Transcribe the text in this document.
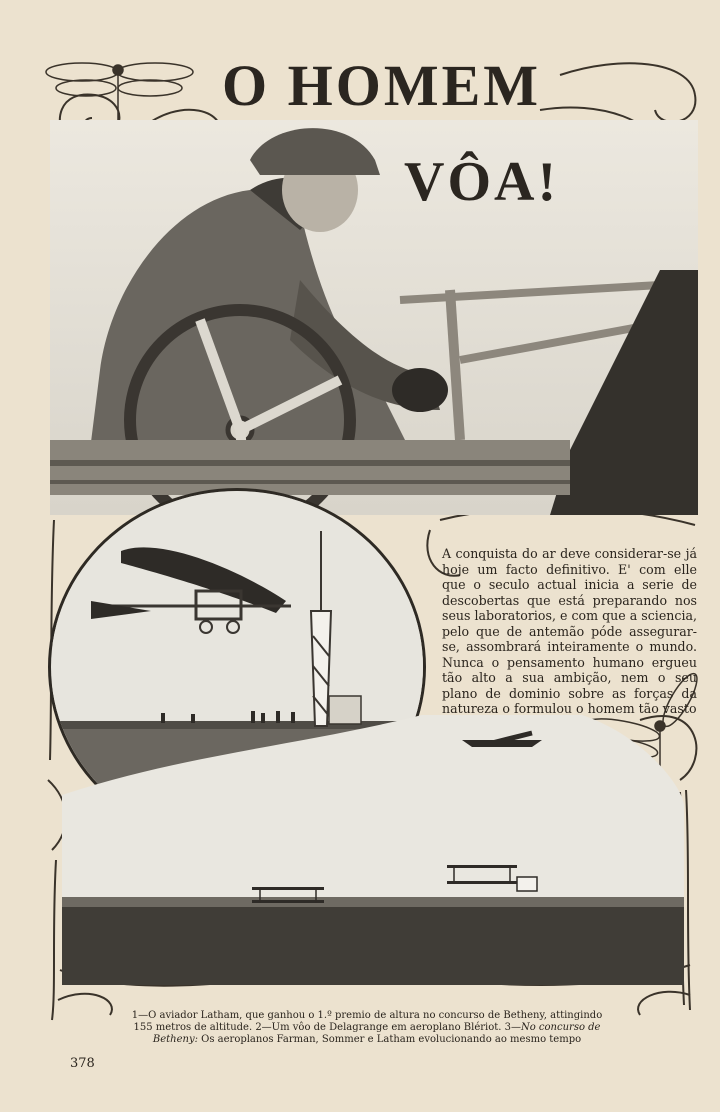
O HOMEM
VÔA!

A conquista do ar deve considerar-se já hoje um facto definitivo. E' com elle que o seculo actual inicia a serie de descobertas que está preparando nos seus laboratorios, e com que a sciencia, pelo que de antemão póde assegurar-se, assombrará inteiramente o mundo. Nunca o pensamento humano ergueu tão alto a sua ambição, nem o seu plano de dominio sobre as forças da natureza o formulou o homem tão vasto

1—O aviador Latham, que ganhou o 1.º premio de altura no concurso de Betheny, attingindo 155 metros de altitude. 2—Um vôo de Delagrange em aeroplano Blériot. 3—No concurso de Betheny: Os aeroplanos Farman, Sommer e Latham evolucionando ao mesmo tempo

378
